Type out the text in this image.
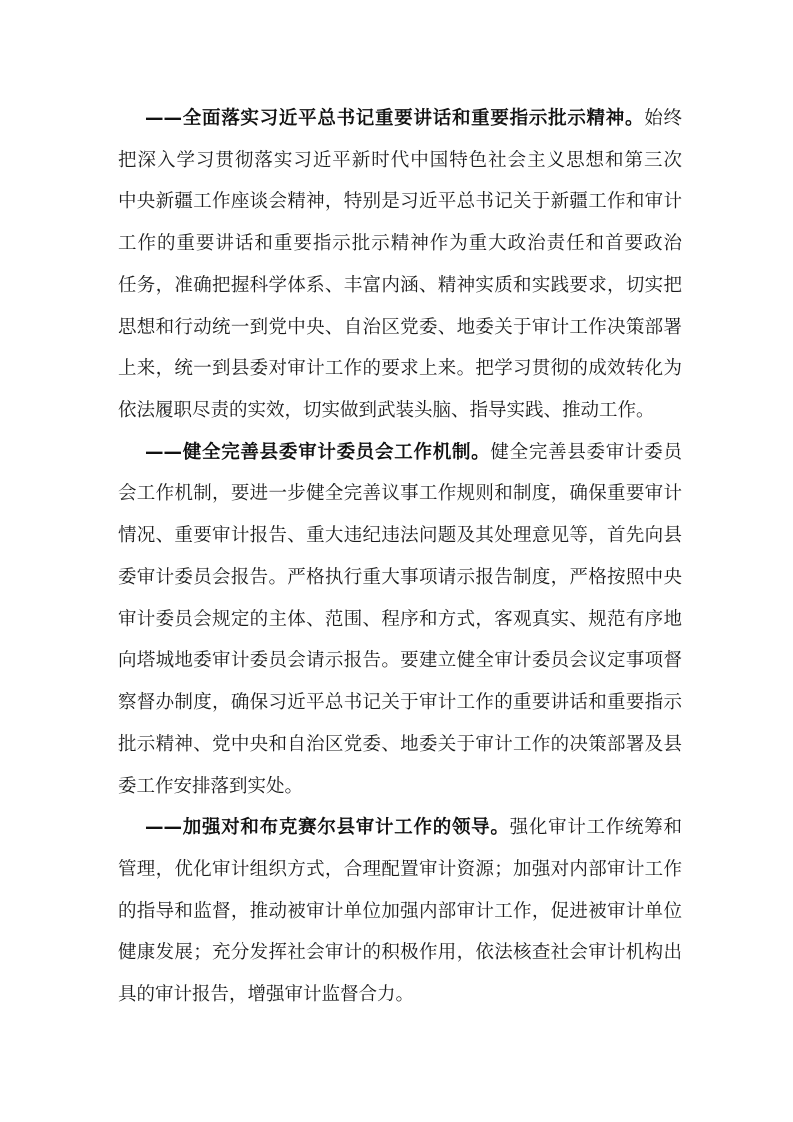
——全面落实习近平总书记重要讲话和重要指示批示精神。始终
把深入学习贯彻落实习近平新时代中国特色社会主义思想和第三次
中央新疆工作座谈会精神，特别是习近平总书记关于新疆工作和审计
工作的重要讲话和重要指示批示精神作为重大政治责任和首要政治
任务，准确把握科学体系、丰富内涵、精神实质和实践要求，切实把
思想和行动统一到党中央、自治区党委、地委关于审计工作决策部署
上来，统一到县委对审计工作的要求上来。把学习贯彻的成效转化为
依法履职尽责的实效，切实做到武装头脑、指导实践、推动工作。
——健全完善县委审计委员会工作机制。健全完善县委审计委员
会工作机制，要进一步健全完善议事工作规则和制度，确保重要审计
情况、重要审计报告、重大违纪违法问题及其处理意见等，首先向县
委审计委员会报告。严格执行重大事项请示报告制度，严格按照中央
审计委员会规定的主体、范围、程序和方式，客观真实、规范有序地
向塔城地委审计委员会请示报告。要建立健全审计委员会议定事项督
察督办制度，确保习近平总书记关于审计工作的重要讲话和重要指示
批示精神、党中央和自治区党委、地委关于审计工作的决策部署及县
委工作安排落到实处。
——加强对和布克赛尔县审计工作的领导。强化审计工作统筹和
管理，优化审计组织方式，合理配置审计资源；加强对内部审计工作
的指导和监督，推动被审计单位加强内部审计工作，促进被审计单位
健康发展；充分发挥社会审计的积极作用，依法核查社会审计机构出
具的审计报告，增强审计监督合力。
